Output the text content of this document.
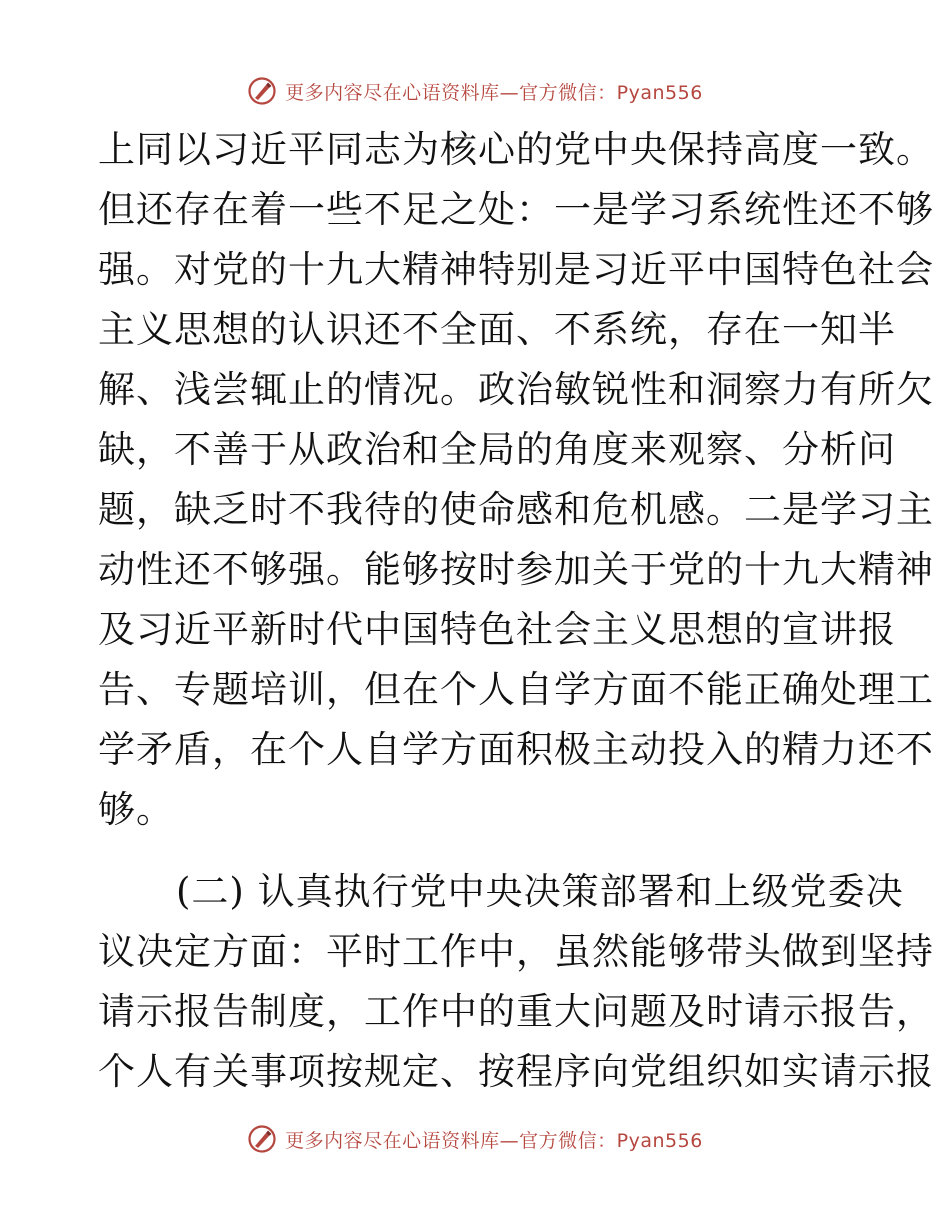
更多内容尽在心语资料库—官方微信：Pyan556
上同以习近平同志为核心的党中央保持高度一致。
但还存在着一些不足之处：一是学习系统性还不够
强。对党的十九大精神特别是习近平中国特色社会
主义思想的认识还不全面、不系统，存在一知半
解、浅尝辄止的情况。政治敏锐性和洞察力有所欠
缺，不善于从政治和全局的角度来观察、分析问
题，缺乏时不我待的使命感和危机感。二是学习主
动性还不够强。能够按时参加关于党的十九大精神
及习近平新时代中国特色社会主义思想的宣讲报
告、专题培训，但在个人自学方面不能正确处理工
学矛盾，在个人自学方面积极主动投入的精力还不
够。
(二) 认真执行党中央决策部署和上级党委决
议决定方面：平时工作中，虽然能够带头做到坚持
请示报告制度，工作中的重大问题及时请示报告，
个人有关事项按规定、按程序向党组织如实请示报
更多内容尽在心语资料库—官方微信：Pyan556
